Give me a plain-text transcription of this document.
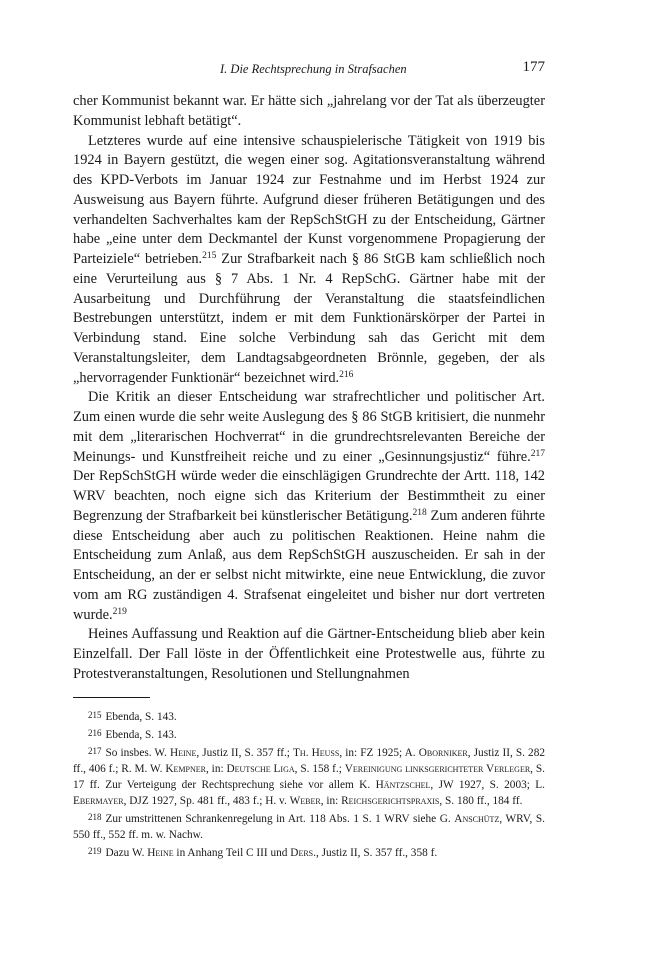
I. Die Rechtsprechung in Strafsachen	177

cher Kommunist bekannt war. Er hätte sich „jahrelang vor der Tat als überzeugter Kommunist lebhaft betätigt“.

Letzteres wurde auf eine intensive schauspielerische Tätigkeit von 1919 bis 1924 in Bayern gestützt, die wegen einer sog. Agitationsveranstaltung während des KPD-Verbots im Januar 1924 zur Festnahme und im Herbst 1924 zur Ausweisung aus Bayern führte. Aufgrund dieser früheren Betätigungen und des verhandelten Sachverhaltes kam der RepSchStGH zu der Entscheidung, Gärtner habe „eine unter dem Deckmantel der Kunst vorgenommene Propagierung der Parteiziele“ betrieben.$^{215}$ Zur Strafbarkeit nach § 86 StGB kam schließlich noch eine Verurteilung aus § 7 Abs. 1 Nr. 4 RepSchG. Gärtner habe mit der Ausarbeitung und Durchführung der Veranstaltung die staatsfeindlichen Bestrebungen unterstützt, indem er mit dem Funktionärskörper der Partei in Verbindung stand. Eine solche Verbindung sah das Gericht mit dem Veranstaltungsleiter, dem Landtagsabgeordneten Brönnle, gegeben, der als „hervorragender Funktionär“ bezeichnet wird.$^{216}$

Die Kritik an dieser Entscheidung war strafrechtlicher und politischer Art. Zum einen wurde die sehr weite Auslegung des § 86 StGB kritisiert, die nunmehr mit dem „literarischen Hochverrat“ in die grundrechtsrelevanten Bereiche der Meinungs- und Kunstfreiheit reiche und zu einer „Gesinnungsjustiz“ führe.$^{217}$ Der RepSchStGH würde weder die einschlägigen Grundrechte der Artt. 118, 142 WRV beachten, noch eigne sich das Kriterium der Bestimmtheit zu einer Begrenzung der Strafbarkeit bei künstlerischer Betätigung.$^{218}$ Zum anderen führte diese Entscheidung aber auch zu politischen Reaktionen. Heine nahm die Entscheidung zum Anlaß, aus dem RepSchStGH auszuscheiden. Er sah in der Entscheidung, an der er selbst nicht mitwirkte, eine neue Entwicklung, die zuvor vom am RG zuständigen 4. Strafsenat eingeleitet und bisher nur dort vertreten wurde.$^{219}$

Heines Auffassung und Reaktion auf die Gärtner-Entscheidung blieb aber kein Einzelfall. Der Fall löste in der Öffentlichkeit eine Protestwelle aus, führte zu Protestveranstaltungen, Resolutionen und Stellungnahmen

215 Ebenda, S. 143.

216 Ebenda, S. 143.

217 So insbes. W. Heine, Justiz II, S. 357 ff.; Th. Heuss, in: FZ 1925; A. Oborniker, Justiz II, S. 282 ff., 406 f.; R. M. W. Kempner, in: Deutsche Liga, S. 158 f.; Vereinigung linksgerichteter Verleger, S. 17 ff. Zur Verteigung der Rechtsprechung siehe vor allem K. Häntzschel, JW 1927, S. 2003; L. Ebermayer, DJZ 1927, Sp. 481 ff., 483 f.; H. v. Weber, in: Reichsgerichtspraxis, S. 180 ff., 184 ff.

218 Zur umstrittenen Schrankenregelung in Art. 118 Abs. 1 S. 1 WRV siehe G. Anschütz, WRV, S. 550 ff., 552 ff. m. w. Nachw.

219 Dazu W. Heine in Anhang Teil C III und Ders., Justiz II, S. 357 ff., 358 f.
